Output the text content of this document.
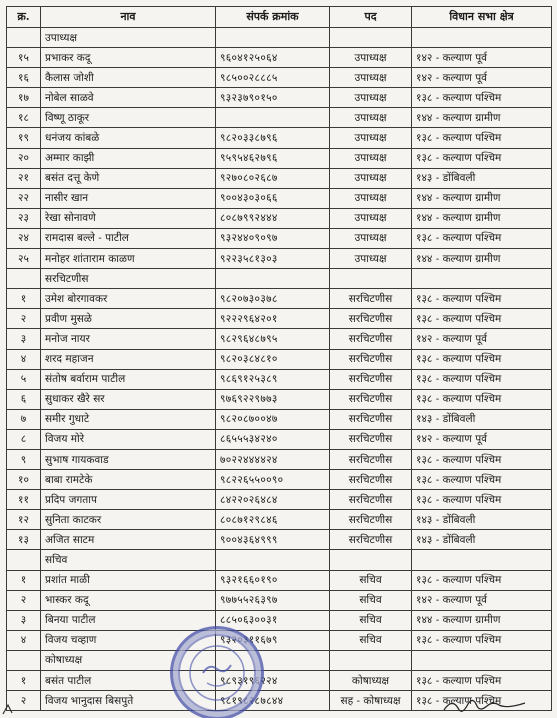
क्र.	नाव	संपर्क क्रमांक	पद	विधान सभा क्षेत्र
	उपाध्यक्ष			
१५	प्रभाकर कदू	९६०४१२५०६४	उपाध्यक्ष	१४२ - कल्याण पूर्व
१६	कैलास जोशी	९८५००२८८८५	उपाध्यक्ष	१४२ - कल्याण पूर्व
१७	नोबेल साळवे	९३२३७९०१५०	उपाध्यक्ष	१३८ - कल्याण पश्चिम
१८	विष्णू ठाकूर		उपाध्यक्ष	१४४ - कल्याण ग्रामीण
१९	धनंजय कांबळे	९८२०३३८७९६	उपाध्यक्ष	१३८ - कल्याण पश्चिम
२०	अम्मार काझी	९५९५४६२७९६	उपाध्यक्ष	१३८ - कल्याण पश्चिम
२१	बसंत दत्तू केणे	९२७०८०२६८७	उपाध्यक्ष	१४३ - डोंबिवली
२२	नासीर खान	९००४३०३०६६	उपाध्यक्ष	१४४ - कल्याण ग्रामीण
२३	रेखा सोनावणे	८०८७९९२४४४	उपाध्यक्ष	१४४ - कल्याण ग्रामीण
२४	रामदास बल्ले - पाटील	९३२४४०९०९७	उपाध्यक्ष	१३८ - कल्याण पश्चिम
२५	मनोहर शांताराम काळण	९२२३५८१३०३	उपाध्यक्ष	१४४ - कल्याण ग्रामीण
	सरचिटणीस			
१	उमेश बोरगावकर	९८२०७३०३७८	सरचिटणीस	१३८ - कल्याण पश्चिम
२	प्रवीण मुसळे	९२२२९६४२०१	सरचिटणीस	१३८ - कल्याण पश्चिम
३	मनोज नायर	९८२९६४८७९५	सरचिटणीस	१४२ - कल्याण पूर्व
४	शरद महाजन	९८२०३८४८१०	सरचिटणीस	१३८ - कल्याण पश्चिम
५	संतोष बर्वाराम पाटील	९८६९१२५३८९	सरचिटणीस	१३८ - कल्याण पश्चिम
६	सुधाकर खैरे सर	९७६९२२९७७३	सरचिटणीस	१३८ - कल्याण पश्चिम
७	समीर गुधाटे	९८२०८७००४७	सरचिटणीस	१४३ - डोंबिवली
८	विजय मोरे	८६५५५३४२४०	सरचिटणीस	१४२ - कल्याण पूर्व
९	सुभाष गायकवाड	७०२२४४४४२४	सरचिटणीस	१३८ - कल्याण पश्चिम
१०	बाबा रामटेके	९८२२६५५००९०	सरचिटणीस	१३८ - कल्याण पश्चिम
११	प्रदिप जगताप	८४२२०२६४८४	सरचिटणीस	१३८ - कल्याण पश्चिम
१२	सुनिता काटकर	८०८७१२९८४६	सरचिटणीस	१४३ - डोंबिवली
१३	अजित साटम	९००४३६४९९९	सरचिटणीस	१४३ - डोंबिवली
	सचिव			
१	प्रशांत माळी	९३२१६६०१९०	सचिव	१३८ - कल्याण पश्चिम
२	भास्कर कदू	९७७५५२६३९७	सचिव	१४२ - कल्याण पूर्व
३	बिनया पाटील	८८५०६३००३१	सचिव	१४४ - कल्याण ग्रामीण
४	विजय चव्हाण	९३२०३११६७९	सचिव	१३८ - कल्याण पश्चिम
	कोषाध्यक्ष			
१	बसंत पाटील	९८९३१९६२२४	कोषाध्यक्ष	१३८ - कल्याण पश्चिम
२	विजय भानुदास बिसपुते	९८१९८२८७८४४	सह - कोषाध्यक्ष	१३८ - कल्याण पश्चिम
